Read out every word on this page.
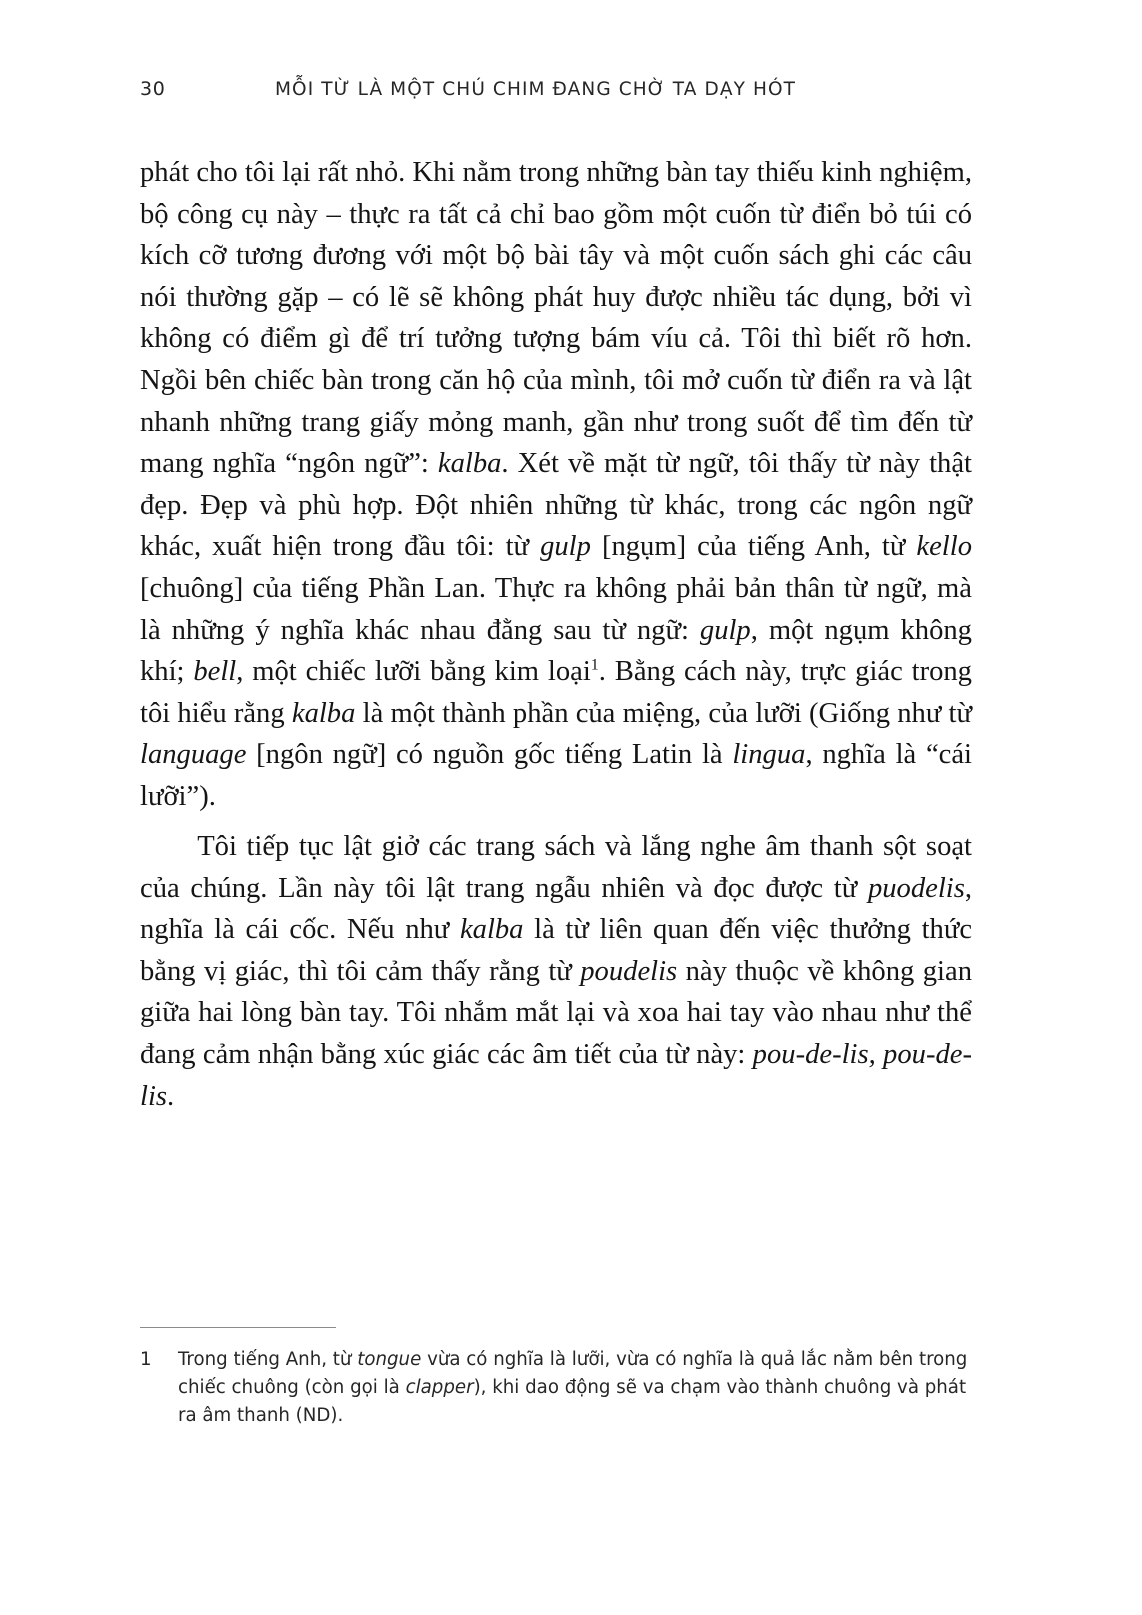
30	MỖI TỪ LÀ MỘT CHÚ CHIM ĐANG CHỜ TA DẠY HÓT

phát cho tôi lại rất nhỏ. Khi nằm trong những bàn tay thiếu kinh nghiệm, bộ công cụ này – thực ra tất cả chỉ bao gồm một cuốn từ điển bỏ túi có kích cỡ tương đương với một bộ bài tây và một cuốn sách ghi các câu nói thường gặp – có lẽ sẽ không phát huy được nhiều tác dụng, bởi vì không có điểm gì để trí tưởng tượng bám víu cả. Tôi thì biết rõ hơn. Ngồi bên chiếc bàn trong căn hộ của mình, tôi mở cuốn từ điển ra và lật nhanh những trang giấy mỏng manh, gần như trong suốt để tìm đến từ mang nghĩa “ngôn ngữ”: kalba. Xét về mặt từ ngữ, tôi thấy từ này thật đẹp. Đẹp và phù hợp. Đột nhiên những từ khác, trong các ngôn ngữ khác, xuất hiện trong đầu tôi: từ gulp [ngụm] của tiếng Anh, từ kello [chuông] của tiếng Phần Lan. Thực ra không phải bản thân từ ngữ, mà là những ý nghĩa khác nhau đằng sau từ ngữ: gulp, một ngụm không khí; bell, một chiếc lưỡi bằng kim loại$^1$. Bằng cách này, trực giác trong tôi hiểu rằng kalba là một thành phần của miệng, của lưỡi (Giống như từ language [ngôn ngữ] có nguồn gốc tiếng Latin là lingua, nghĩa là “cái lưỡi”).

Tôi tiếp tục lật giở các trang sách và lắng nghe âm thanh sột soạt của chúng. Lần này tôi lật trang ngẫu nhiên và đọc được từ puodelis, nghĩa là cái cốc. Nếu như kalba là từ liên quan đến việc thưởng thức bằng vị giác, thì tôi cảm thấy rằng từ poudelis này thuộc về không gian giữa hai lòng bàn tay. Tôi nhắm mắt lại và xoa hai tay vào nhau như thể đang cảm nhận bằng xúc giác các âm tiết của từ này: pou-de-lis, pou-de-lis.

1	Trong tiếng Anh, từ tongue vừa có nghĩa là lưỡi, vừa có nghĩa là quả lắc nằm bên trong chiếc chuông (còn gọi là clapper), khi dao động sẽ va chạm vào thành chuông và phát ra âm thanh (ND).
